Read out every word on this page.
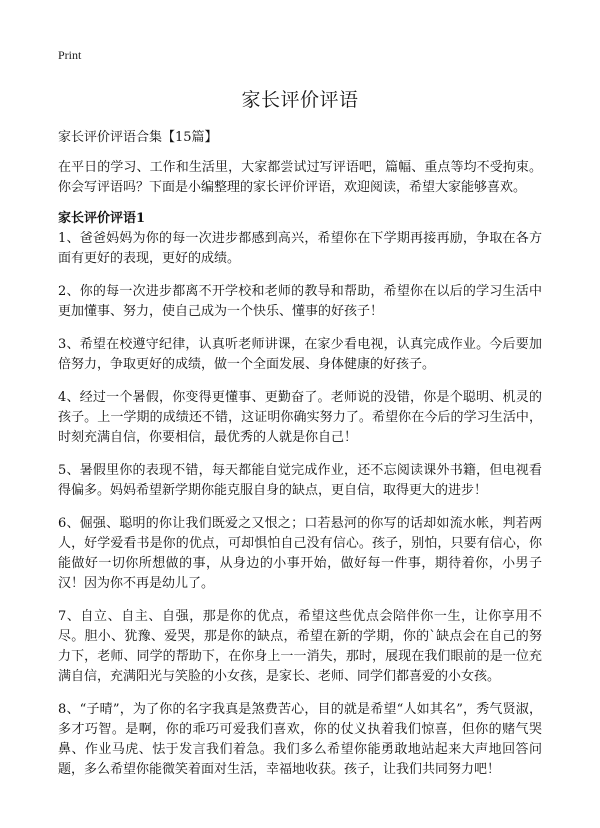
Print
家长评价评语
家长评价评语合集【15篇】
在平日的学习、工作和生活里，大家都尝试过写评语吧，篇幅、重点等均不受拘束。你会写评语吗？下面是小编整理的家长评价评语，欢迎阅读，希望大家能够喜欢。
家长评价评语1

1、爸爸妈妈为你的每一次进步都感到高兴，希望你在下学期再接再励，争取在各方面有更好的表现，更好的成绩。

2、你的每一次进步都离不开学校和老师的教导和帮助，希望你在以后的学习生活中更加懂事、努力，使自己成为一个快乐、懂事的好孩子！

3、希望在校遵守纪律，认真听老师讲课，在家少看电视，认真完成作业。今后要加倍努力，争取更好的成绩，做一个全面发展、身体健康的好孩子。

4、经过一个暑假，你变得更懂事、更勤奋了。老师说的没错，你是个聪明、机灵的孩子。上一学期的成绩还不错，这证明你确实努力了。希望你在今后的学习生活中，时刻充满自信，你要相信，最优秀的人就是你自己！

5、暑假里你的表现不错，每天都能自觉完成作业，还不忘阅读课外书籍，但电视看得偏多。妈妈希望新学期你能克服自身的缺点，更自信，取得更大的进步！

6、倔强、聪明的你让我们既爱之又恨之；口若悬河的你写的话却如流水帐，判若两人，好学爱看书是你的优点，可却惧怕自己没有信心。孩子，别怕，只要有信心，你能做好一切你所想做的事，从身边的小事开始，做好每一件事，期待着你，小男子汉！因为你不再是幼儿了。

7、自立、自主、自强，那是你的优点，希望这些优点会陪伴你一生，让你享用不尽。胆小、犹豫、爱哭，那是你的缺点，希望在新的学期，你的`缺点会在自己的努力下，老师、同学的帮助下，在你身上一一消失，那时，展现在我们眼前的是一位充满自信，充满阳光与笑脸的小女孩，是家长、老师、同学们都喜爱的小女孩。

8、“子晴”，为了你的名字我真是煞费苦心，目的就是希望“人如其名”，秀气贤淑，多才巧智。是啊，你的乖巧可爱我们喜欢，你的仗义执着我们惊喜，但你的赌气哭鼻、作业马虎、怯于发言我们着急。我们多么希望你能勇敢地站起来大声地回答问题，多么希望你能微笑着面对生活，幸福地收获。孩子，让我们共同努力吧！
